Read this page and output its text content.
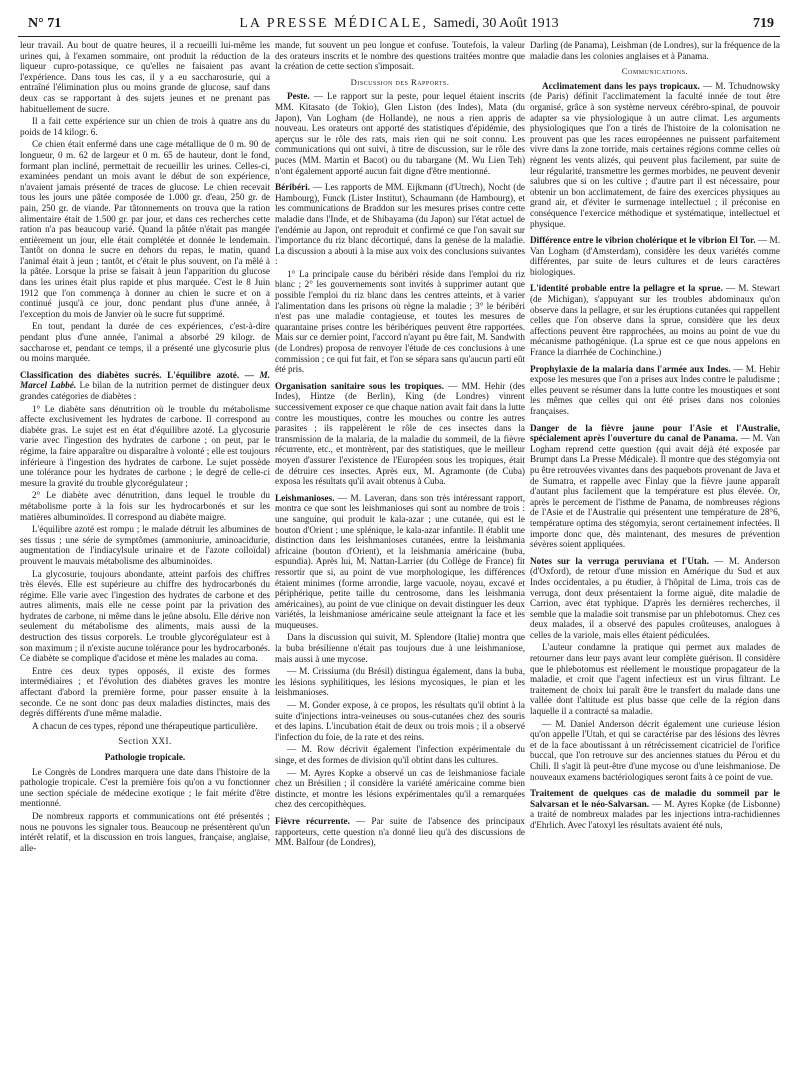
N° 71	LA PRESSE MÉDICALE, Samedi, 30 Août 1913	719

leur travail. Au bout de quatre heures, il a recueilli lui-même les urines qui, à l'examen sommaire, ont produit la réduction de la liqueur cupro-potassique, ce qu'elles ne faisaient pas avant l'expérience. Dans tous les cas, il y a eu saccharosurie, qui a entraîné l'élimination plus ou moins grande de glucose, sauf dans deux cas se rapportant à des sujets jeunes et ne prenant pas habituellement de sucre.

Il a fait cette expérience sur un chien de trois à quatre ans du poids de 14 kilogr. 6.

Ce chien était enfermé dans une cage métallique de 0 m. 90 de longueur, 0 m. 62 de largeur et 0 m. 65 de hauteur, dont le fond, formant plan incliné, permettait de recueillir les urines. Celles-ci, examinées pendant un mois avant le début de son expérience, n'avaient jamais présenté de traces de glucose. Le chien recevait tous les jours une pâtée composée de 1.000 gr. d'eau, 250 gr. de pain, 250 gr. de viande. Par tâtonnements on trouva que la ration alimentaire était de 1.500 gr. par jour, et dans ces recherches cette ration n'a pas beaucoup varié. Quand la pâtée n'était pas mangée entièrement un jour, elle était complétée et donnée le lendemain. Tantôt on donna le sucre en dehors du repas, le matin, quand l'animal était à jeun ; tantôt, et c'était le plus souvent, on l'a mêlé à la pâtée. Lorsque la prise se faisait à jeun l'apparition du glucose dans les urines était plus rapide et plus marquée. C'est le 8 Juin 1912 que l'on commença à donner au chien le sucre et on a continué jusqu'à ce jour, donc pendant plus d'une année, à l'exception du mois de Janvier où le sucre fut supprimé.

En tout, pendant la durée de ces expériences, c'est-à-dire pendant plus d'une année, l'animal a absorbé 29 kilogr. de saccharose et, pendant ce temps, il a présenté une glycosurie plus ou moins marquée.

Classification des diabètes sucrés. L'équilibre azoté. — M. Marcel Labbé. Le bilan de la nutrition permet de distinguer deux grandes catégories de diabètes :

1° Le diabète sans dénutrition où le trouble du métabolisme affecte exclusivement les hydrates de carbone. Il correspond au diabète gras. Le sujet est en état d'équilibre azoté. La glycosurie varie avec l'ingestion des hydrates de carbone ; on peut, par le régime, la faire apparaître ou disparaître à volonté ; elle est toujours inférieure à l'ingestion des hydrates de carbone. Le sujet possède une tolérance pour les hydrates de carbone ; le degré de celle-ci mesure la gravité du trouble glycorégulateur ;

2° Le diabète avec dénutrition, dans lequel le trouble du métabolisme porte à la fois sur les hydrocarbonés et sur les matières albuminoïdes. Il correspond au diabète maigre.

L'équilibre azoté est rompu ; le malade détruit les albumines de ses tissus ; une série de symptômes (ammoniurie, aminoacidurie, augmentation de l'indiacylsule urinaire et de l'azote colloïdal) prouvent le mauvais métabolisme des albuminoïdes.

La glycosurie, toujours abondante, atteint parfois des chiffres très élevés. Elle est supérieure au chiffre des hydrocarbonés du régime. Elle varie avec l'ingestion des hydrates de carbone et des autres aliments, mais elle ne cesse point par la privation des hydrates de carbone, ni même dans le jeûne absolu. Elle dérive non seulement du métabolisme des aliments, mais aussi de la destruction des tissus corporels. Le trouble glycorégulateur est à son maximum ; il n'existe aucune tolérance pour les hydrocarbonés. Ce diabète se complique d'acidose et mène les malades au coma.

Entre ces deux types opposés, il existe des formes intermédiaires ; et l'évolution des diabètes graves les montre affectant d'abord la première forme, pour passer ensuite à la seconde. Ce ne sont donc pas deux maladies distinctes, mais des degrés différents d'une même maladie.

A chacun de ces types, répond une thérapeutique particulière.

Section XXI.

Pathologie tropicale.

Le Congrès de Londres marquera une date dans l'histoire de la pathologie tropicale. C'est la première fois qu'on a vu fonctionner une section spéciale de médecine exotique ; le fait mérite d'être mentionné.

De nombreux rapports et communications ont été présentés ; nous ne pouvons les signaler tous. Beaucoup ne présentèrent qu'un intérêt relatif, et la discussion en trois langues, française, anglaise, alle-

mande, fut souvent un peu longue et confuse. Toutefois, la valeur des orateurs inscrits et le nombre des questions traitées montre que la création de cette section s'imposait.

Discussion des Rapports.

Peste. — Le rapport sur la peste, pour lequel étaient inscrits MM. Kitasato (de Tokio), Glen Liston (des Indes), Mata (du Japon), Van Logham (de Hollande), ne nous a rien appris de nouveau. Les orateurs ont apporté des statistiques d'épidémie, des aperçus sur le rôle des rats, mais rien qui ne soit connu. Les communications qui ont suivi, à titre de discussion, sur le rôle des puces (MM. Martin et Bacot) ou du tabargane (M. Wu Lien Teh) n'ont également apporté aucun fait digne d'être mentionné.

Béribéri. — Les rapports de MM. Eijkmann (d'Utrech), Nocht (de Hambourg), Funck (Lister Institut), Schaumann (de Hambourg), et les communications de Braddon sur les mesures prises contre cette maladie dans l'Inde, et de Shibayama (du Japon) sur l'état actuel de l'endémie au Japon, ont reproduit et confirmé ce que l'on savait sur l'importance du riz blanc décortiqué, dans la genèse de la maladie. La discussion a abouti à la mise aux voix des conclusions suivantes :

1° La principale cause du béribéri réside dans l'emploi du riz blanc ; 2° les gouvernements sont invités à supprimer autant que possible l'emploi du riz blanc dans les centres atteints, et à varier l'alimentation dans les prisons où règne la maladie ; 3° le béribéri n'est pas une maladie contagieuse, et toutes les mesures de quarantaine prises contre les béribériques peuvent être rapportées. Mais sur ce dernier point, l'accord n'ayant pu être fait, M. Sandwith (de Londres) proposa de renvoyer l'étude de ces conclusions à une commission ; ce qui fut fait, et l'on se sépara sans qu'aucun parti eût été pris.

Organisation sanitaire sous les tropiques. — MM. Hehir (des Indes), Hintze (de Berlin), King (de Londres) vinrent successivement exposer ce que chaque nation avait fait dans la lutte contre les moustiques, contre les mouches ou contre les autres parasites ; ils rappelèrent le rôle de ces insectes dans la transmission de la malaria, de la maladie du sommeil, de la fièvre récurrente, etc., et montrèrent, par des statistiques, que le meilleur moyen d'assurer l'existence de l'Européen sous les tropiques, était de détruire ces insectes. Après eux, M. Agramonte (de Cuba) exposa les résultats qu'il avait obtenus à Cuba.

Leishmanioses. — M. Laveran, dans son très intéressant rapport, montra ce que sont les leishmanioses qui sont au nombre de trois : une sanguine, qui produit le kala-azar ; une cutanée, qui est le bouton d'Orient ; une splénique, le kala-azar infantile. Il établit une distinction dans les leishmanioses cutanées, entre la leishmania africaine (bouton d'Orient), et la leishmania américaine (buba, espundia). Après lui, M. Nattan-Larrier (du Collège de France) fit ressortir que si, au point de vue morphologique, les différences étaient minimes (forme arrondie, large vacuole, noyau, excavé et périphérique, petite taille du centrosome, dans les leishmania américaines), au point de vue clinique on devait distinguer les deux variétés, la leishmaniose américaine seule atteignant la face et les muqueuses.

Dans la discussion qui suivit, M. Splendore (Italie) montra que la buba brésilienne n'était pas toujours due à une leishmaniose, mais aussi à une mycose.

— M. Crissiuma (du Brésil) distingua également, dans la buba, les lésions syphilitiques, les lésions mycosiques, le pian et les leishmanioses.

— M. Gonder expose, à ce propos, les résultats qu'il obtint à la suite d'injections intra-veineuses ou sous-cutanées chez des souris et des lapins. L'incubation était de deux ou trois mois ; il a observé l'infection du foie, de la rate et des reins.

— M. Row décrivit également l'infection expérimentale du singe, et des formes de division qu'il obtint dans les cultures.

— M. Ayres Kopke a observé un cas de leishmaniose faciale chez un Brésilien ; il considère la variété américaine comme bien distincte, et montre les lésions expérimentales qu'il a remarquées chez des cercopithèques.

Fièvre récurrente. — Par suite de l'absence des principaux rapporteurs, cette question n'a donné lieu qu'à des discussions de MM. Balfour (de Londres),

Darling (de Panama), Leishman (de Londres), sur la fréquence de la maladie dans les colonies anglaises et à Panama.

Communications.

Acclimatement dans les pays tropicaux. — M. Tchudnowsky (de Paris) définit l'acclimatement la faculté innée de tout être organisé, grâce à son système nerveux cérébro-spinal, de pouvoir adapter sa vie physiologique à un autre climat. Les arguments physiologiques que l'on a tirés de l'histoire de la colonisation ne prouvent pas que les races européennes ne puissent parfaitement vivre dans la zone torride, mais certaines régions comme celles où règnent les vents alizés, qui peuvent plus facilement, par suite de leur régularité, transmettre les germes morbides, ne peuvent devenir salubres que si on les cultive ; d'autre part il est nécessaire, pour obtenir un bon acclimatement, de faire des exercices physiques au grand air, et d'éviter le surmenage intellectuel ; il préconise en conséquence l'exercice méthodique et systématique, intellectuel et physique.

Différence entre le vibrion cholérique et le vibrion El Tor. — M. Van Logham (d'Amsterdam), considère les deux variétés comme différentes, par suite de leurs cultures et de leurs caractères biologiques.

L'identité probable entre la pellagre et la sprue. — M. Stewart (de Michigan), s'appuyant sur les troubles abdominaux qu'on observe dans la pellagre, et sur les éruptions cutanées qui rappellent celles que l'on observe dans la sprue, considère que les deux affections peuvent être rapprochées, au moins au point de vue du mécanisme pathogénique. (La sprue est ce que nous appelons en France la diarrhée de Cochinchine.)

Prophylaxie de la malaria dans l'armée aux Indes. — M. Hehir expose les mesures que l'on a prises aux Indes contre le paludisme ; elles peuvent se résumer dans la lutte contre les moustiques et sont les mêmes que celles qui ont été prises dans nos colonies françaises.

Danger de la fièvre jaune pour l'Asie et l'Australie, spécialement après l'ouverture du canal de Panama. — M. Van Logham reprend cette question (qui avait déjà été exposée par Brumpt dans La Presse Médicale). Il montre que des stégomyia ont pu être retrouvées vivantes dans des paquebots provenant de Java et de Sumatra, et rappelle avec Finlay que la fièvre jaune apparaît d'autant plus facilement que la température est plus élevée. Or, après le percement de l'isthme de Panama, de nombreuses régions de l'Asie et de l'Australie qui présentent une température de 28°6, température optima des stégomyia, seront certainement infectées. Il importe donc que, dès maintenant, des mesures de prévention sévères soient appliquées.

Notes sur la verruga peruviana et l'Utah. — M. Anderson (d'Oxford), de retour d'une mission en Amérique du Sud et aux Indes occidentales, a pu étudier, à l'hôpital de Lima, trois cas de verruga, dont deux présentaient la forme aiguë, dite maladie de Carrion, avec état typhique. D'après les dernières recherches, il semble que la maladie soit transmise par un phlebotomus. Chez ces deux malades, il a observé des papules croûteuses, analogues à celles de la variole, mais elles étaient pédiculées.

L'auteur condamne la pratique qui permet aux malades de retourner dans leur pays avant leur complète guérison. Il considère que le phlebotomus est réellement le moustique propagateur de la maladie, et croit que l'agent infectieux est un virus filtrant. Le traitement de choix lui paraît être le transfert du malade dans une vallée dont l'altitude est plus basse que celle de la région dans laquelle il a contracté sa maladie.

— M. Daniel Anderson décrit également une curieuse lésion qu'on appelle l'Utah, et qui se caractérise par des lésions des lèvres et de la face aboutissant à un rétrécissement cicatriciel de l'orifice buccal, que l'on retrouve sur des anciennes statues du Pérou et du Chili. Il s'agit là peut-être d'une mycose ou d'une leishmaniose. De nouveaux examens bactériologiques seront faits à ce point de vue.

Traitement de quelques cas de maladie du sommeil par le Salvarsan et le néo-Salvarsan. — M. Ayres Kopke (de Lisbonne) a traité de nombreux malades par les injections intra-rachidiennes d'Ehrlich. Avec l'atoxyl les résultats avaient été nuls,
